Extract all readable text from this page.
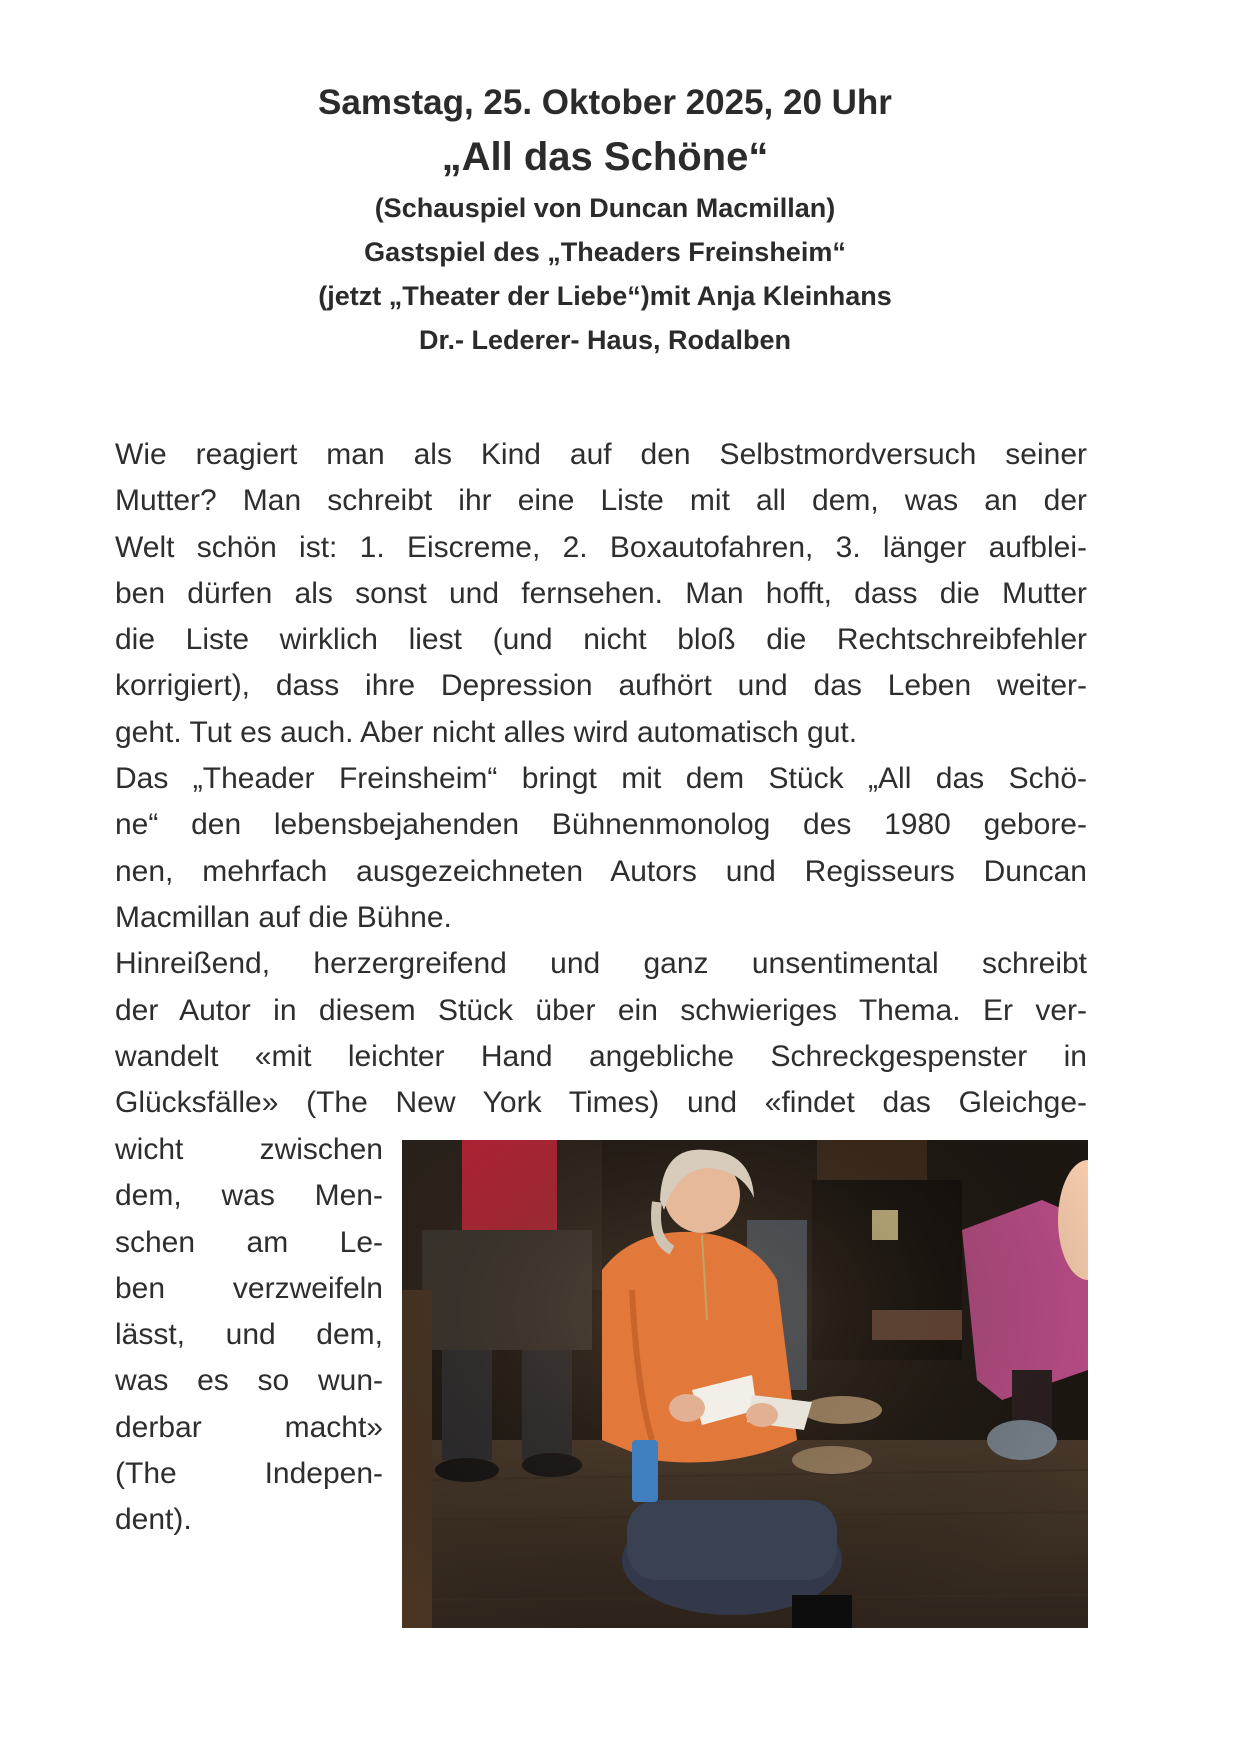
Samstag, 25. Oktober 2025, 20 Uhr
„All das Schöne“
(Schauspiel von Duncan Macmillan)
Gastspiel des „Theaders Freinsheim“
(jetzt „Theater der Liebe“)mit Anja Kleinhans
Dr.- Lederer- Haus, Rodalben
Wie reagiert man als Kind auf den Selbstmordversuch seiner
Mutter? Man schreibt ihr eine Liste mit all dem, was an der
Welt schön ist: 1. Eiscreme, 2. Boxautofahren, 3. länger aufblei-
ben dürfen als sonst und fernsehen. Man hofft, dass die Mutter
die Liste wirklich liest (und nicht bloß die Rechtschreibfehler
korrigiert), dass ihre Depression aufhört und das Leben weiter-
geht. Tut es auch. Aber nicht alles wird automatisch gut.
Das „Theader Freinsheim“ bringt mit dem Stück „All das Schö-
ne“ den lebensbejahenden Bühnenmonolog des 1980 gebore-
nen, mehrfach ausgezeichneten Autors und Regisseurs Duncan
Macmillan auf die Bühne.
Hinreißend, herzergreifend und ganz unsentimental schreibt
der Autor in diesem Stück über ein schwieriges Thema. Er ver-
wandelt «mit leichter Hand angebliche Schreckgespenster in
Glücksfälle» (The New York Times) und «findet das Gleichge-
wicht zwischen
dem, was Men-
schen am Le-
ben verzweifeln
lässt, und dem,
was es so wun-
derbar macht»
(The Indepen-
dent).
